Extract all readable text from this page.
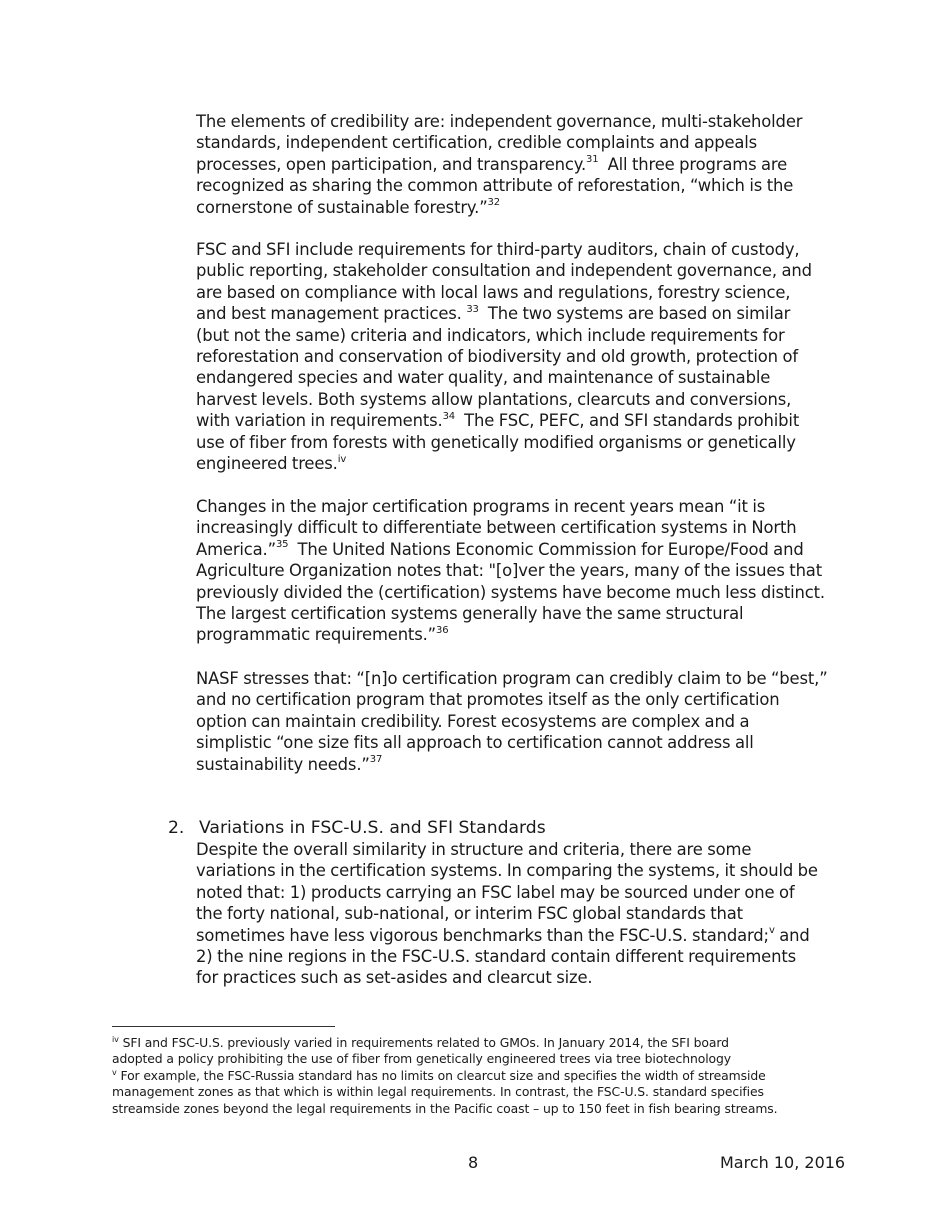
The elements of credibility are: independent governance, multi-stakeholder
standards, independent certification, credible complaints and appeals
processes, open participation, and transparency.$^{31}$  All three programs are
recognized as sharing the common attribute of reforestation, “which is the
cornerstone of sustainable forestry.”$^{32}$
FSC and SFI include requirements for third-party auditors, chain of custody,
public reporting, stakeholder consultation and independent governance, and
are based on compliance with local laws and regulations, forestry science,
and best management practices. $^{33}$  The two systems are based on similar
(but not the same) criteria and indicators, which include requirements for
reforestation and conservation of biodiversity and old growth, protection of
endangered species and water quality, and maintenance of sustainable
harvest levels. Both systems allow plantations, clearcuts and conversions,
with variation in requirements.$^{34}$  The FSC, PEFC, and SFI standards prohibit
use of fiber from forests with genetically modified organisms or genetically
engineered trees.$^{iv}$
Changes in the major certification programs in recent years mean “it is
increasingly difficult to differentiate between certification systems in North
America.”$^{35}$  The United Nations Economic Commission for Europe/Food and
Agriculture Organization notes that: "[o]ver the years, many of the issues that
previously divided the (certification) systems have become much less distinct.
The largest certification systems generally have the same structural
programmatic requirements.”$^{36}$
NASF stresses that: “[n]o certification program can credibly claim to be “best,”
and no certification program that promotes itself as the only certification
option can maintain credibility. Forest ecosystems are complex and a
simplistic “one size fits all approach to certification cannot address all
sustainability needs.”$^{37}$
2. Variations in FSC-U.S. and SFI Standards
Despite the overall similarity in structure and criteria, there are some
variations in the certification systems. In comparing the systems, it should be
noted that: 1) products carrying an FSC label may be sourced under one of
the forty national, sub-national, or interim FSC global standards that
sometimes have less vigorous benchmarks than the FSC-U.S. standard;$^v$ and
2) the nine regions in the FSC-U.S. standard contain different requirements
for practices such as set-asides and clearcut size.
$^{iv}$ SFI and FSC-U.S. previously varied in requirements related to GMOs. In January 2014, the SFI board
adopted a policy prohibiting the use of fiber from genetically engineered trees via tree biotechnology
$^v$ For example, the FSC-Russia standard has no limits on clearcut size and specifies the width of streamside
management zones as that which is within legal requirements. In contrast, the FSC-U.S. standard specifies
streamside zones beyond the legal requirements in the Pacific coast – up to 150 feet in fish bearing streams.
8	March 10, 2016
